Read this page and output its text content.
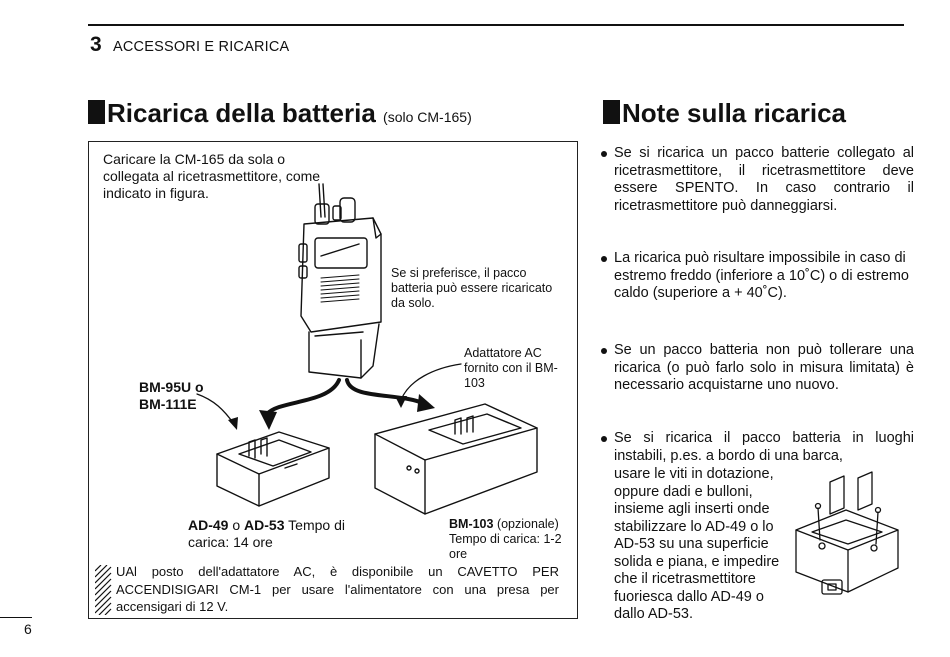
3 ACCESSORI E RICARICA
Ricarica della batteria (solo CM-165)	Note sulla ricarica
Caricare la CM-165 da sola o collegata al ricetrasmettitore, come indicato in figura.
Se si preferisce, il pacco batteria può essere ricaricato da solo.
Adattatore AC fornito con il BM-103
BM-95U o
BM-111E
AD-49 o AD-53 Tempo di carica: 14 ore
BM-103 (opzionale) Tempo di carica: 1-2 ore
UAl posto dell'adattatore AC, è disponibile un CAVETTO PER ACCENDISIGARI CM-1 per usare l'alimentatore con una presa per accensigari di 12 V.
Se si ricarica un pacco batterie collegato al ricetrasmettitore, il ricetrasmettitore deve essere SPENTO. In caso contrario il ricetrasmettitore può danneggiarsi.
La ricarica può risultare impossibile in caso di estremo freddo (inferiore a 10˚C) o di estremo caldo (superiore a + 40˚C).
Se un pacco batteria non può tollerare una ricarica (o può farlo solo in misura limitata) è necessario acquistarne uno nuovo.
Se si ricarica il pacco batteria in luoghi instabili, p.es. a bordo di una barca,
usare le viti in dotazione, oppure dadi e bulloni, insieme agli inserti onde stabilizzare lo AD-49 o lo AD-53 su una superficie solida e piana, e impedire che il ricetrasmettitore fuoriesca dallo AD-49 o dallo AD-53.
6
